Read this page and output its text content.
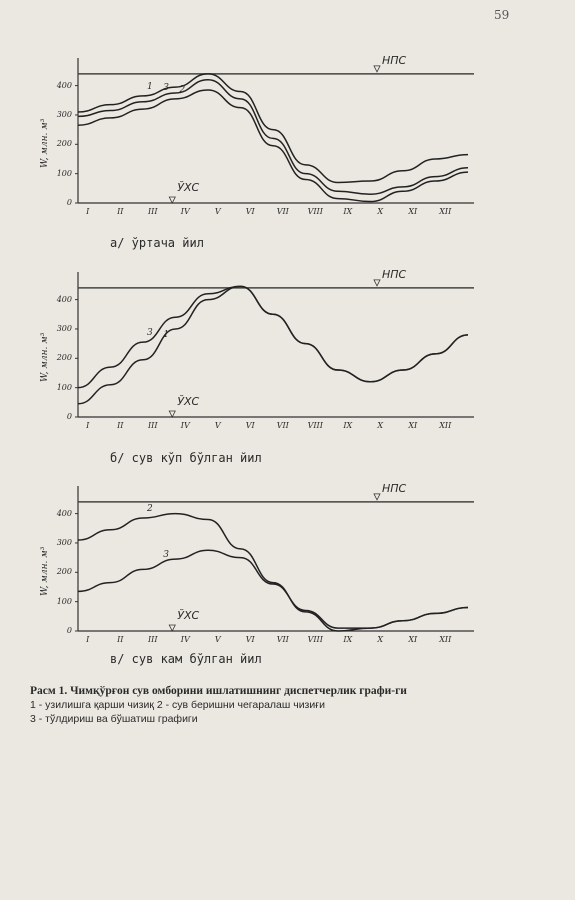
59
W, млн. м³
0
100
200
300
400
I	II	III	IV	V	VI	VII	VIII	IX	X	XI	XII
НПС
ЎХС
1 3 2
а/ ўртача йил
W, млн. м³
0
100
200
300
400
I	II	III	IV	V	VI	VII	VIII	IX	X	XI	XII
НПС
ЎХС
3 1
б/ сув кўп бўлган йил
W, млн. м³
0
100
200
300
400
I	II	III	IV	V	VI	VII	VIII	IX	X	XI	XII
НПС
ЎХС
2
3
в/ сув кам бўлган йил
Расм 1. Чимқўрғон сув омборини ишлатишнинг диспетчерлик графи-ги
1 - узилишга қарши чизиқ 2 - сув беришни чегаралаш чизиғи
3 - тўлдириш ва бўшатиш графиги
